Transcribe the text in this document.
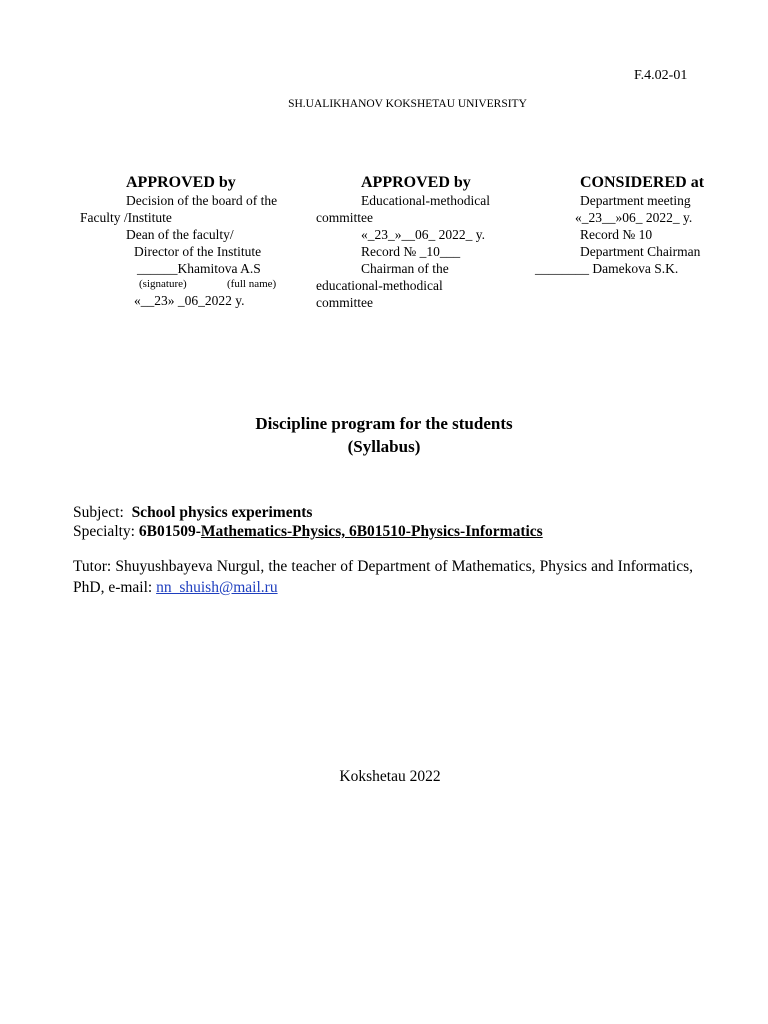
F.4.02-01
SH.UALIKHANOV KOKSHETAU UNIVERSITY
APPROVED by
Decision of the board of the
Faculty /Institute
Dean of the faculty/
Director of the Institute
______Khamitova A.S
(signature)	(full name)
«__23» _06_2022 y.
APPROVED by
Educational-methodical
committee
«_23_»__06_ 2022_ y.
Record № _10___
Chairman of the
educational-methodical
committee
CONSIDERED at
Department meeting
«_23__»06_ 2022_ y.
Record № 10
Department Chairman
________ Damekova S.K.
Discipline program for the students
(Syllabus)
Subject:  School physics experiments
Specialty: 6B01509-Mathematics-Physics, 6B01510-Physics-Informatics
Tutor: Shuyushbayeva Nurgul, the teacher of Department of Mathematics, Physics and Informatics, PhD, e-mail: nn_shuish@mail.ru
Kokshetau 2022
